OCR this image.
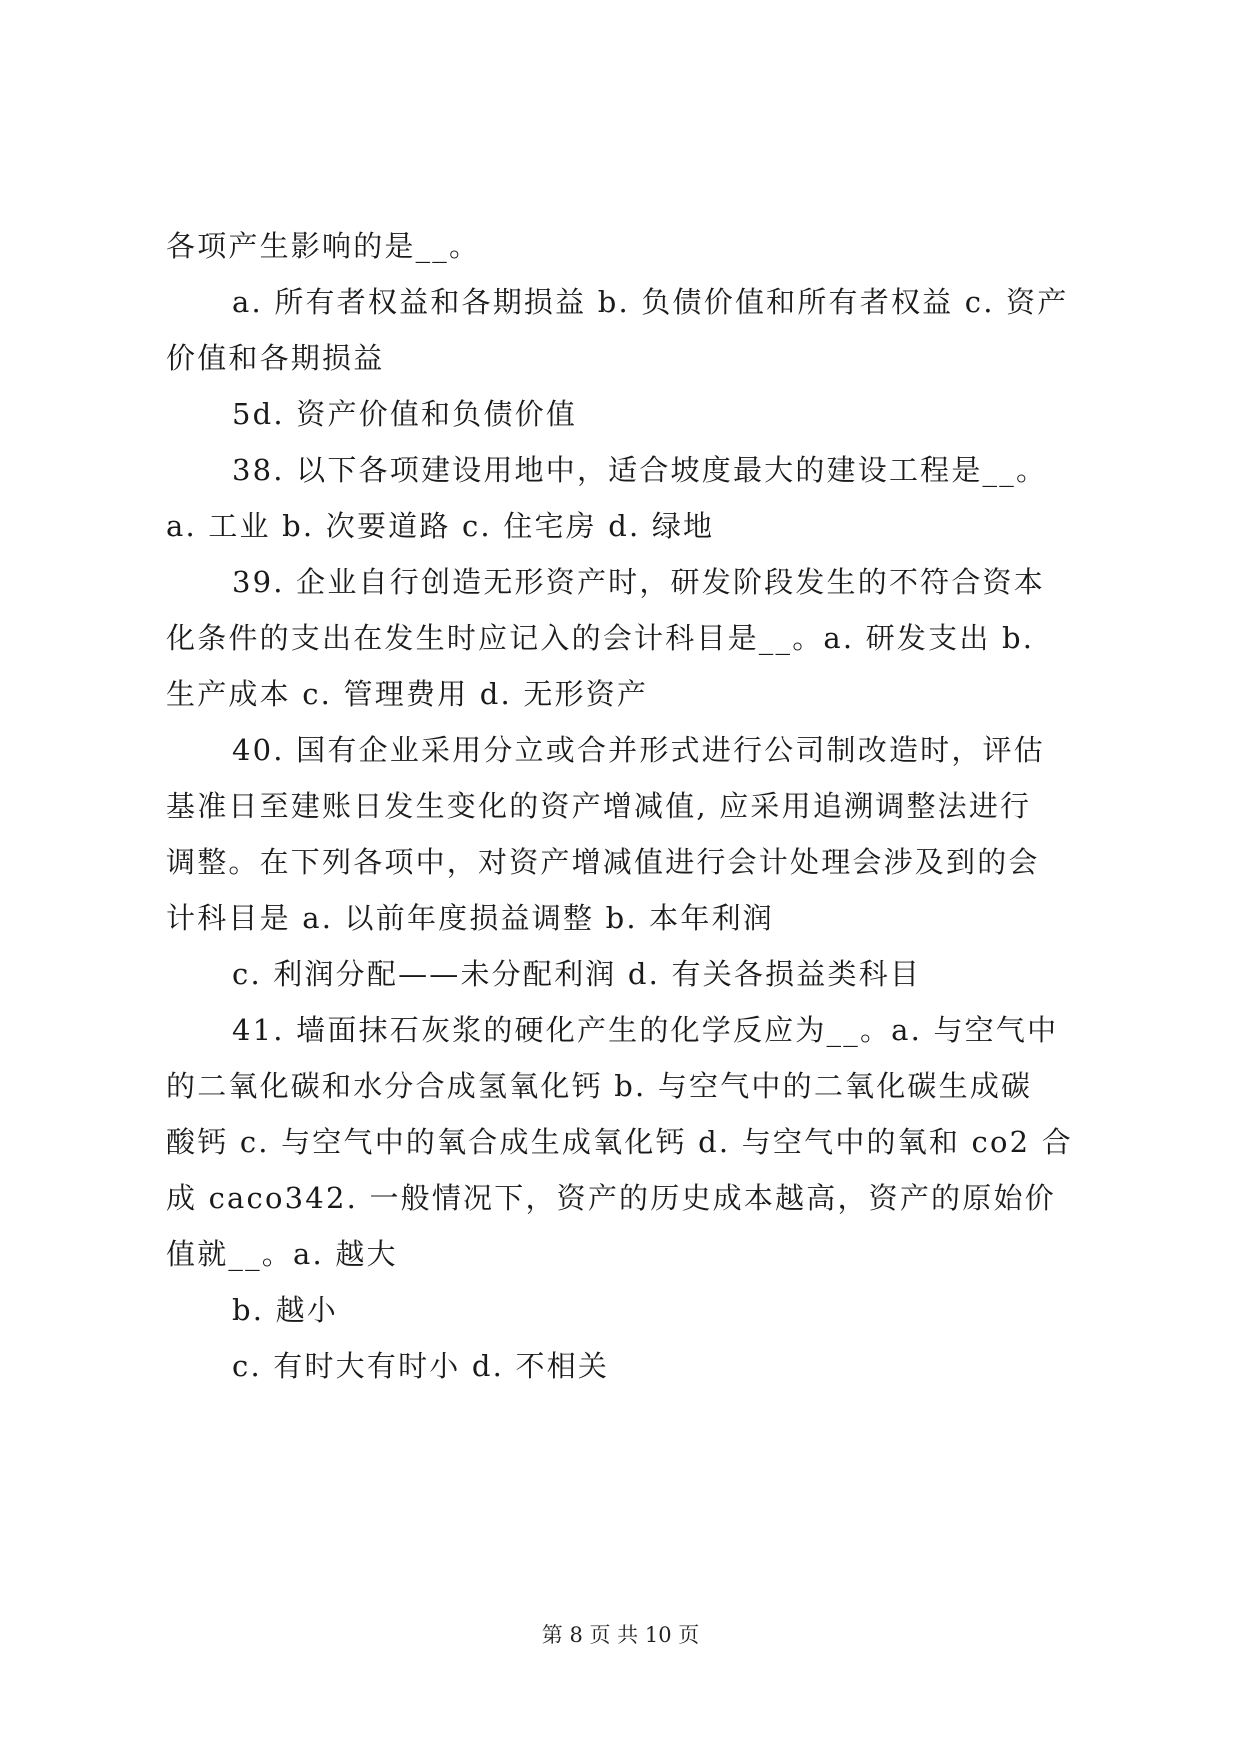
各项产生影响的是__。
a. 所有者权益和各期损益 b. 负债价值和所有者权益 c. 资产
价值和各期损益
5d. 资产价值和负债价值
38. 以下各项建设用地中，适合坡度最大的建设工程是__。
a. 工业 b. 次要道路 c. 住宅房 d. 绿地
39. 企业自行创造无形资产时，研发阶段发生的不符合资本
化条件的支出在发生时应记入的会计科目是__。a. 研发支出 b.
生产成本 c. 管理费用 d. 无形资产
40. 国有企业采用分立或合并形式进行公司制改造时，评估
基准日至建账日发生变化的资产增减值, 应采用追溯调整法进行
调整。在下列各项中，对资产增减值进行会计处理会涉及到的会
计科目是 a. 以前年度损益调整 b. 本年利润
c. 利润分配——未分配利润 d. 有关各损益类科目
41. 墙面抹石灰浆的硬化产生的化学反应为__。a. 与空气中
的二氧化碳和水分合成氢氧化钙 b. 与空气中的二氧化碳生成碳
酸钙 c. 与空气中的氧合成生成氧化钙 d. 与空气中的氧和 co2 合
成 caco342. 一般情况下，资产的历史成本越高，资产的原始价
值就__。a. 越大
b. 越小
c. 有时大有时小 d. 不相关
第 8 页 共 10 页
